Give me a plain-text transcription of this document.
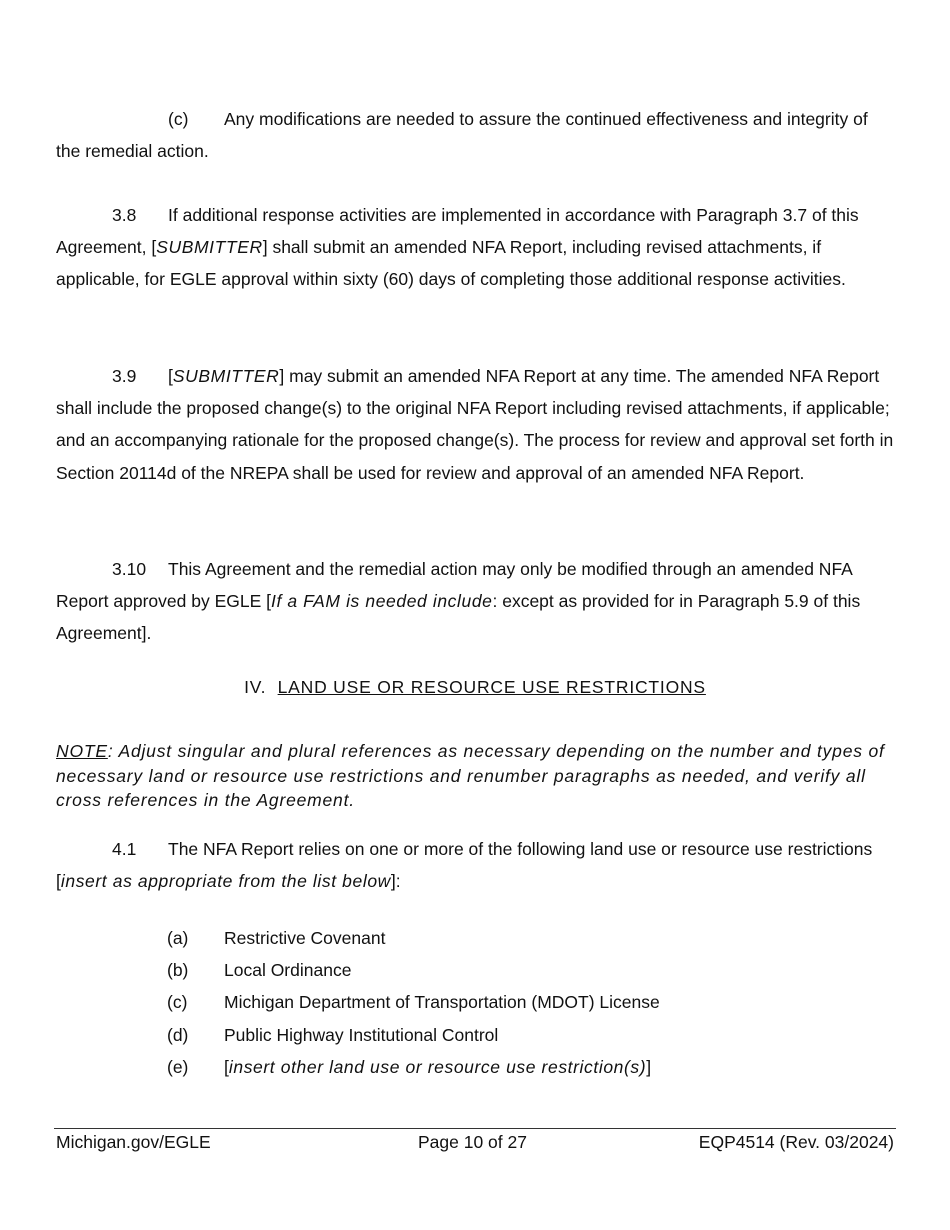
(c) Any modifications are needed to assure the continued effectiveness and integrity of the remedial action.
3.8 If additional response activities are implemented in accordance with Paragraph 3.7 of this Agreement, [SUBMITTER] shall submit an amended NFA Report, including revised attachments, if applicable, for EGLE approval within sixty (60) days of completing those additional response activities.
3.9 [SUBMITTER] may submit an amended NFA Report at any time. The amended NFA Report shall include the proposed change(s) to the original NFA Report including revised attachments, if applicable; and an accompanying rationale for the proposed change(s). The process for review and approval set forth in Section 20114d of the NREPA shall be used for review and approval of an amended NFA Report.
3.10 This Agreement and the remedial action may only be modified through an amended NFA Report approved by EGLE [If a FAM is needed include: except as provided for in Paragraph 5.9 of this Agreement].
IV. LAND USE OR RESOURCE USE RESTRICTIONS
NOTE: Adjust singular and plural references as necessary depending on the number and types of necessary land or resource use restrictions and renumber paragraphs as needed, and verify all cross references in the Agreement.
4.1 The NFA Report relies on one or more of the following land use or resource use restrictions [insert as appropriate from the list below]:
(a) Restrictive Covenant
(b) Local Ordinance
(c) Michigan Department of Transportation (MDOT) License
(d) Public Highway Institutional Control
(e) [insert other land use or resource use restriction(s)]
Michigan.gov/EGLE	Page 10 of 27	EQP4514 (Rev. 03/2024)
